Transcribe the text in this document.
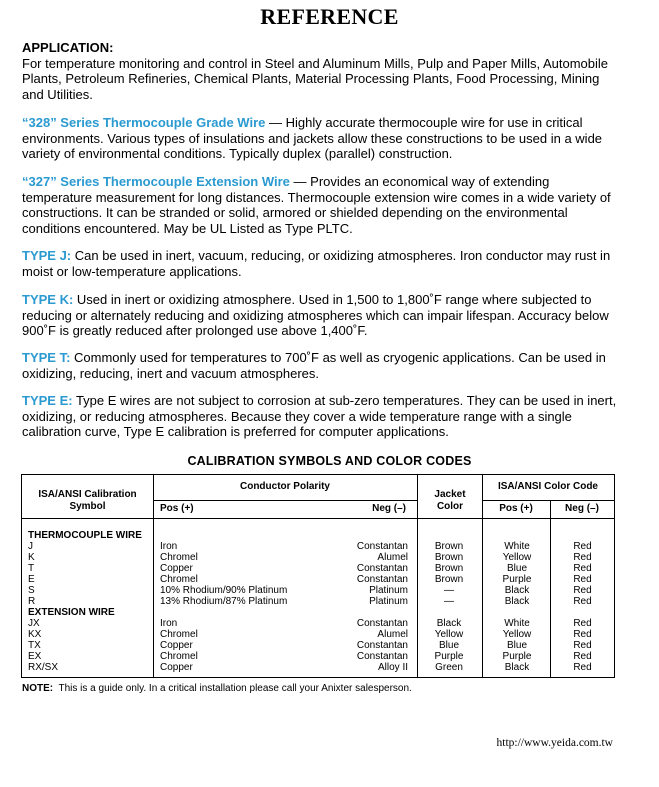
REFERENCE
APPLICATION:
For temperature monitoring and control in Steel and Aluminum Mills, Pulp and Paper Mills, Automobile Plants, Petroleum Refineries, Chemical Plants, Material Processing Plants, Food Processing, Mining and Utilities.
“328” Series Thermocouple Grade Wire — Highly accurate thermocouple wire for use in critical environments. Various types of insulations and jackets allow these constructions to be used in a wide variety of environmental conditions. Typically duplex (parallel) construction.
“327” Series Thermocouple Extension Wire — Provides an economical way of extending temperature measurement for long distances. Thermocouple extension wire comes in a wide variety of constructions. It can be stranded or solid, armored or shielded depending on the environmental conditions encountered. May be UL Listed as Type PLTC.
TYPE J: Can be used in inert, vacuum, reducing, or oxidizing atmospheres. Iron conductor may rust in moist or low-temperature applications.
TYPE K: Used in inert or oxidizing atmosphere. Used in 1,500 to 1,800˚F range where subjected to reducing or alternately reducing and oxidizing atmospheres which can impair lifespan. Accuracy below 900˚F is greatly reduced after prolonged use above 1,400˚F.
TYPE T: Commonly used for temperatures to 700˚F as well as cryogenic applications. Can be used in oxidizing, reducing, inert and vacuum atmospheres.
TYPE E: Type E wires are not subject to corrosion at sub-zero temperatures. They can be used in inert, oxidizing, or reducing atmospheres. Because they cover a wide temperature range with a single calibration curve, Type E calibration is preferred for computer applications.
CALIBRATION SYMBOLS AND COLOR CODES
ISA/ANSI Calibration Symbol
Conductor Polarity
Pos (+)	Neg (–)
Jacket Color
ISA/ANSI Color Code
Pos (+)	Neg (–)
THERMOCOUPLE WIRE
J	Iron	Constantan	Brown	White	Red
K	Chromel	Alumel	Brown	Yellow	Red
T	Copper	Constantan	Brown	Blue	Red
E	Chromel	Constantan	Brown	Purple	Red
S	10% Rhodium/90% Platinum	Platinum	—	Black	Red
R	13% Rhodium/87% Platinum	Platinum	—	Black	Red
EXTENSION WIRE
JX	Iron	Constantan	Black	White	Red
KX	Chromel	Alumel	Yellow	Yellow	Red
TX	Copper	Constantan	Blue	Blue	Red
EX	Chromel	Constantan	Purple	Purple	Red
RX/SX	Copper	Alloy II	Green	Black	Red
NOTE: This is a guide only. In a critical installation please call your Anixter salesperson.
http://www.yeida.com.tw
